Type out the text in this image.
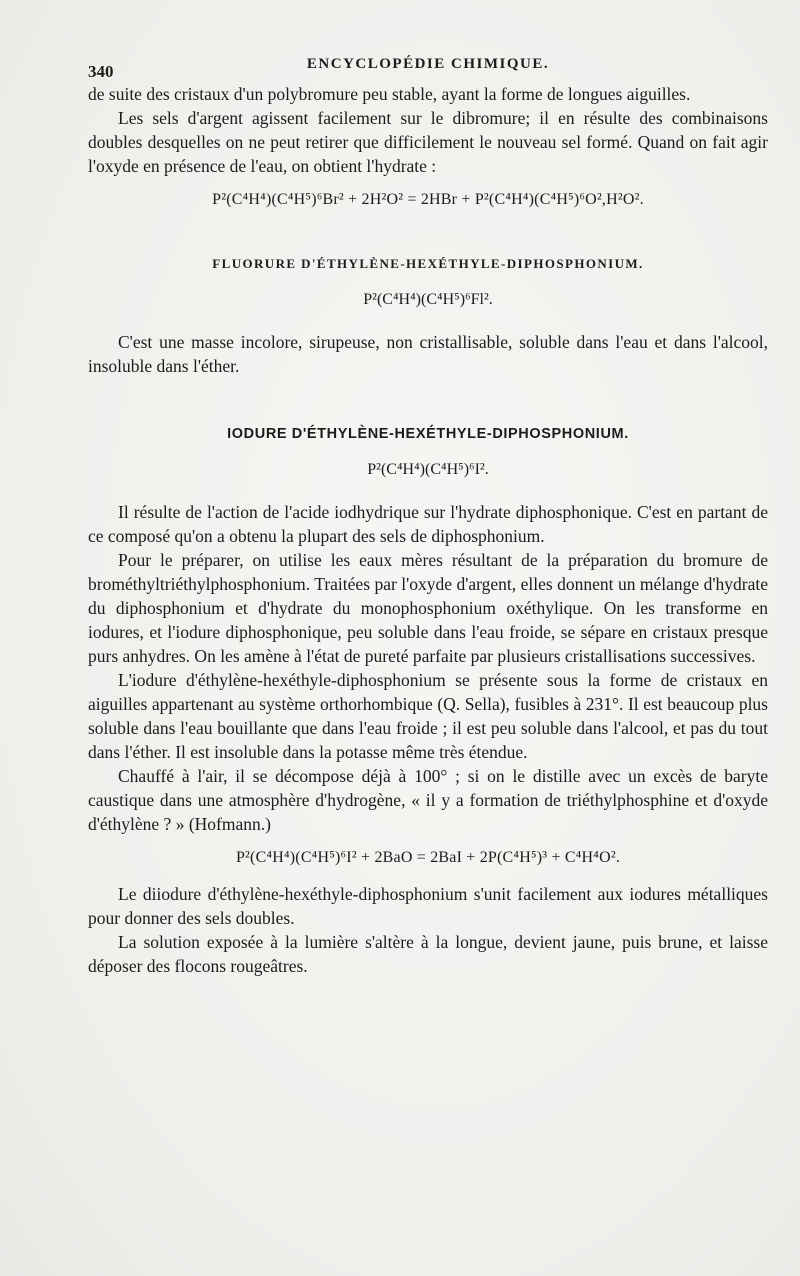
340	ENCYCLOPÉDIE CHIMIQUE.

de suite des cristaux d'un polybromure peu stable, ayant la forme de longues aiguilles.

Les sels d'argent agissent facilement sur le dibromure; il en résulte des combinaisons doubles desquelles on ne peut retirer que difficilement le nouveau sel formé. Quand on fait agir l'oxyde en présence de l'eau, on obtient l'hydrate :

P²(C⁴H⁴)(C⁴H⁵)⁶Br² + 2H²O² = 2HBr + P²(C⁴H⁴)(C⁴H⁵)⁶O²,H²O².
FLUORURE D'ÉTHYLÈNE-HEXÉTHYLE-DIPHOSPHONIUM.
P²(C⁴H⁴)(C⁴H⁵)⁶Fl².

C'est une masse incolore, sirupeuse, non cristallisable, soluble dans l'eau et dans l'alcool, insoluble dans l'éther.

IODURE D'ÉTHYLÈNE-HEXÉTHYLE-DIPHOSPHONIUM.
P²(C⁴H⁴)(C⁴H⁵)⁶I².

Il résulte de l'action de l'acide iodhydrique sur l'hydrate diphosphonique. C'est en partant de ce composé qu'on a obtenu la plupart des sels de diphosphonium.

Pour le préparer, on utilise les eaux mères résultant de la préparation du bromure de brométhyltriéthylphosphonium. Traitées par l'oxyde d'argent, elles donnent un mélange d'hydrate du diphosphonium et d'hydrate du monophosphonium oxéthylique. On les transforme en iodures, et l'iodure diphosphonique, peu soluble dans l'eau froide, se sépare en cristaux presque purs anhydres. On les amène à l'état de pureté parfaite par plusieurs cristallisations successives.

L'iodure d'éthylène-hexéthyle-diphosphonium se présente sous la forme de cristaux en aiguilles appartenant au système orthorhombique (Q. Sella), fusibles à 231°. Il est beaucoup plus soluble dans l'eau bouillante que dans l'eau froide ; il est peu soluble dans l'alcool, et pas du tout dans l'éther. Il est insoluble dans la potasse même très étendue.

Chauffé à l'air, il se décompose déjà à 100° ; si on le distille avec un excès de baryte caustique dans une atmosphère d'hydrogène, « il y a formation de triéthylphosphine et d'oxyde d'éthylène ? » (Hofmann.)

P²(C⁴H⁴)(C⁴H⁵)⁶I² + 2BaO = 2BaI + 2P(C⁴H⁵)³ + C⁴H⁴O².

Le diiodure d'éthylène-hexéthyle-diphosphonium s'unit facilement aux iodures métalliques pour donner des sels doubles.

La solution exposée à la lumière s'altère à la longue, devient jaune, puis brune, et laisse déposer des flocons rougeâtres.
